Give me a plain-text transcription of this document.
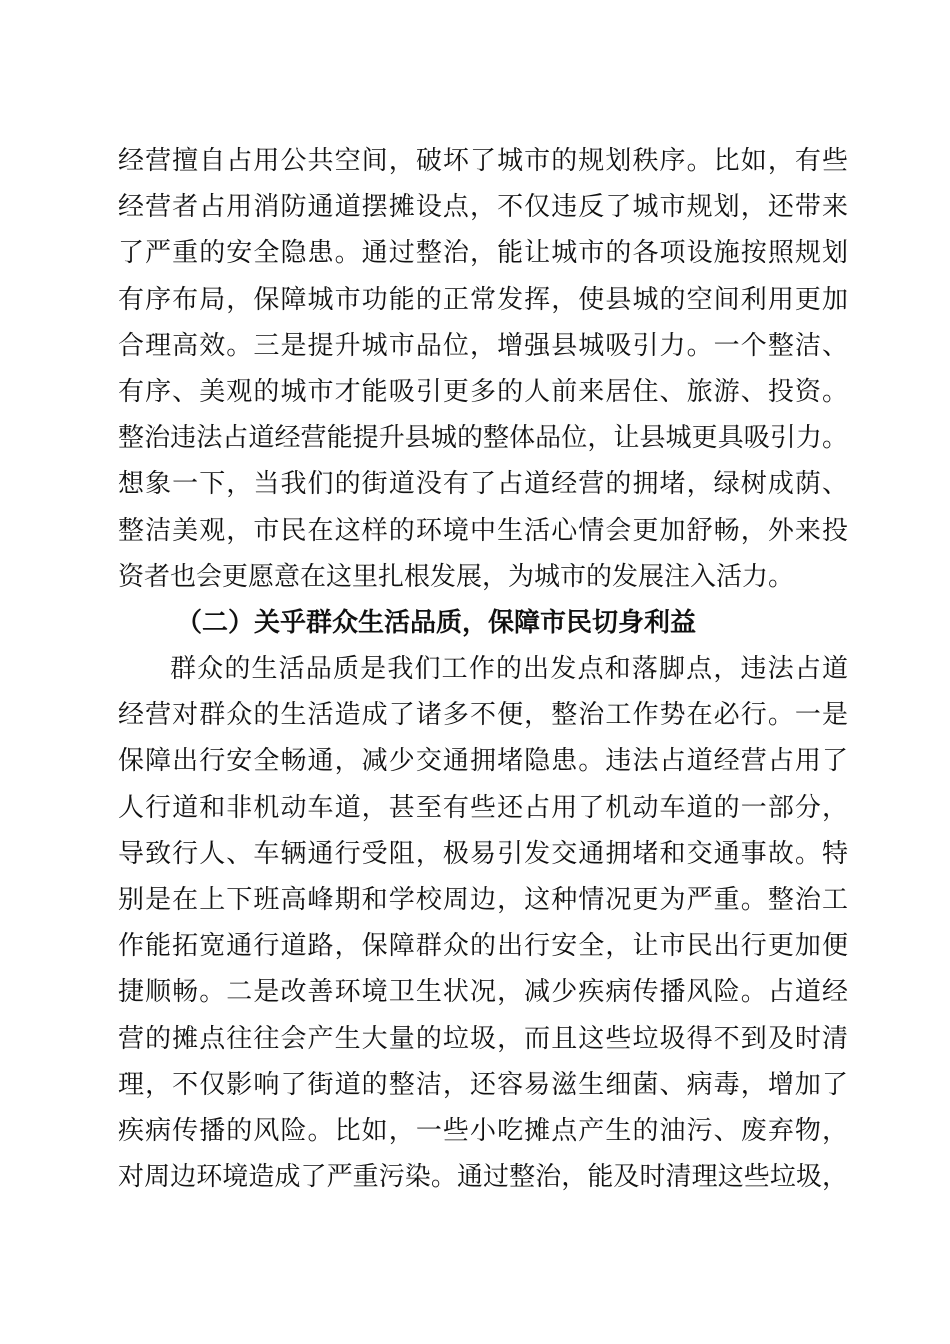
经营擅自占用公共空间，破坏了城市的规划秩序。比如，有些
经营者占用消防通道摆摊设点，不仅违反了城市规划，还带来
了严重的安全隐患。通过整治，能让城市的各项设施按照规划
有序布局，保障城市功能的正常发挥，使县城的空间利用更加
合理高效。三是提升城市品位，增强县城吸引力。一个整洁、
有序、美观的城市才能吸引更多的人前来居住、旅游、投资。
整治违法占道经营能提升县城的整体品位，让县城更具吸引力。
想象一下，当我们的街道没有了占道经营的拥堵，绿树成荫、
整洁美观，市民在这样的环境中生活心情会更加舒畅，外来投
资者也会更愿意在这里扎根发展，为城市的发展注入活力。
（二）关乎群众生活品质，保障市民切身利益
群众的生活品质是我们工作的出发点和落脚点，违法占道
经营对群众的生活造成了诸多不便，整治工作势在必行。一是
保障出行安全畅通，减少交通拥堵隐患。违法占道经营占用了
人行道和非机动车道，甚至有些还占用了机动车道的一部分，
导致行人、车辆通行受阻，极易引发交通拥堵和交通事故。特
别是在上下班高峰期和学校周边，这种情况更为严重。整治工
作能拓宽通行道路，保障群众的出行安全，让市民出行更加便
捷顺畅。二是改善环境卫生状况，减少疾病传播风险。占道经
营的摊点往往会产生大量的垃圾，而且这些垃圾得不到及时清
理，不仅影响了街道的整洁，还容易滋生细菌、病毒，增加了
疾病传播的风险。比如，一些小吃摊点产生的油污、废弃物，
对周边环境造成了严重污染。通过整治，能及时清理这些垃圾，
